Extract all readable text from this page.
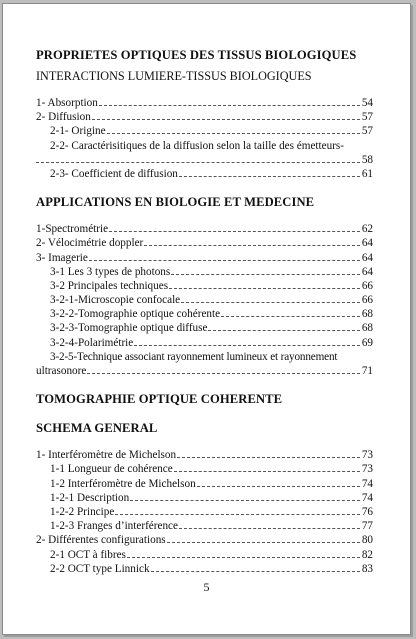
PROPRIETES OPTIQUES DES TISSUS BIOLOGIQUES
INTERACTIONS LUMIERE-TISSUS BIOLOGIQUES
1- Absorption	54
2- Diffusion	57
2-1- Origine	57
2-2- Caractérisitiques de la diffusion selon la taille des émetteurs-
58
2-3- Coefficient de diffusion	61
APPLICATIONS EN BIOLOGIE ET MEDECINE
1-Spectrométrie	62
2- Vélocimétrie doppler	64
3- Imagerie	64
3-1 Les 3 types de photons	64
3-2 Principales techniques	66
3-2-1-Microscopie confocale	66
3-2-2-Tomographie optique cohérente	68
3-2-3-Tomographie optique diffuse	68
3-2-4-Polarimétrie	69
3-2-5-Technique associant rayonnement lumineux et rayonnement
ultrasonore	71
TOMOGRAPHIE OPTIQUE COHERENTE
SCHEMA GENERAL
1- Interféromètre de Michelson	73
1-1 Longueur de cohérence	73
1-2 Interféromètre de Michelson	74
1-2-1 Description	74
1-2-2 Principe	76
1-2-3 Franges d’interférence	77
2- Différentes configurations	80
2-1 OCT à fibres	82
2-2 OCT type Linnick	83
5
